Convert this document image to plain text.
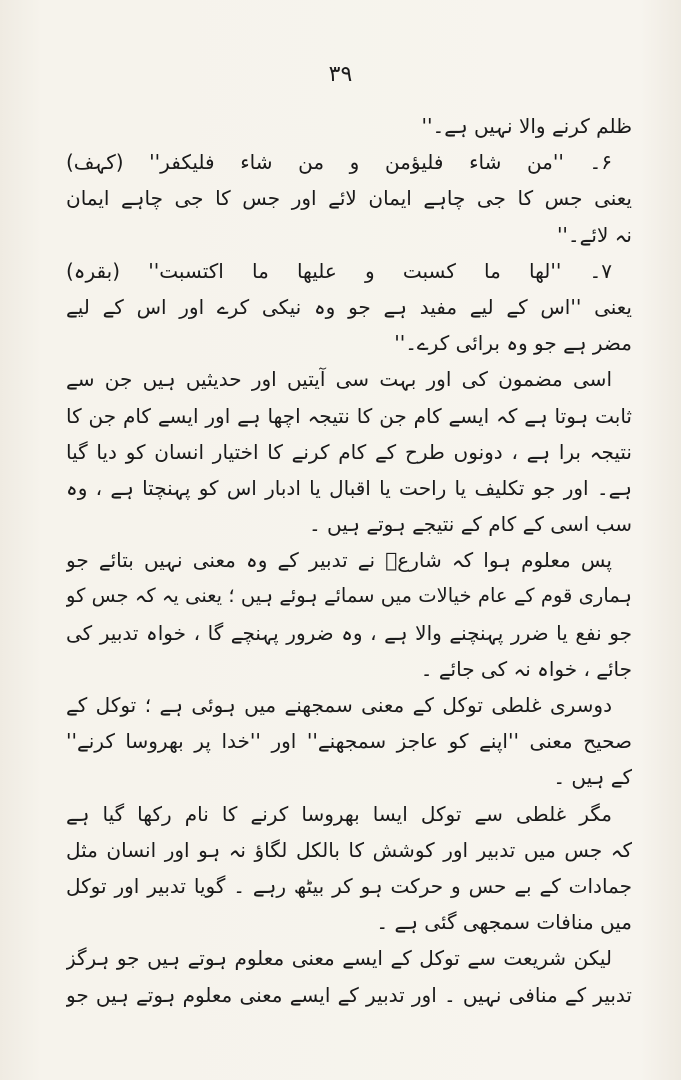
۳۹
ظلم کرنے والا نہیں ہے۔''
۶۔ ''من شاء فلیؤمن و من شاء فلیکفر'' (کہف)
یعنی جس کا جی چاہے ایمان لائے اور جس کا جی چاہے ایمان
نہ لائے۔''
۷۔ ''لھا ما کسبت و علیھا ما اکتسبت'' (بقرہ)
یعنی ''اس کے لیے مفید ہے جو وہ نیکی کرے اور اس کے لیے
مضر ہے جو وہ برائی کرے۔''
اسی مضمون کی اور بہت سی آیتیں اور حدیثیں ہیں جن سے
ثابت ہوتا ہے کہ ایسے کام جن کا نتیجہ اچھا ہے اور ایسے کام جن کا
نتیجہ برا ہے ، دونوں طرح کے کام کرنے کا اختیار انسان کو دیا گیا
ہے۔ اور جو تکلیف یا راحت یا اقبال یا ادبار اس کو پہنچتا ہے ، وہ
سب اسی کے کام کے نتیجے ہوتے ہیں ۔
پس معلوم ہوا کہ شارعؐ نے تدبیر کے وہ معنی نہیں بتائے جو
ہماری قوم کے عام خیالات میں سمائے ہوئے ہیں ؛ یعنی یہ کہ جس کو
جو نفع یا ضرر پہنچنے والا ہے ، وہ ضرور پہنچے گا ، خواہ تدبیر کی
جائے ، خواہ نہ کی جائے ۔
دوسری غلطی توکل کے معنی سمجھنے میں ہوئی ہے ؛ توکل کے
صحیح معنی ''اپنے کو عاجز سمجھنے'' اور ''خدا پر بھروسا کرنے''
کے ہیں ۔
مگر غلطی سے توکل ایسا بھروسا کرنے کا نام رکھا گیا ہے
کہ جس میں تدبیر اور کوشش کا بالکل لگاؤ نہ ہو اور انسان مثل
جمادات کے بے حس و حرکت ہو کر بیٹھ رہے ۔ گویا تدبیر اور توکل
میں منافات سمجھی گئی ہے ۔
لیکن شریعت سے توکل کے ایسے معنی معلوم ہوتے ہیں جو ہرگز
تدبیر کے منافی نہیں ۔ اور تدبیر کے ایسے معنی معلوم ہوتے ہیں جو
